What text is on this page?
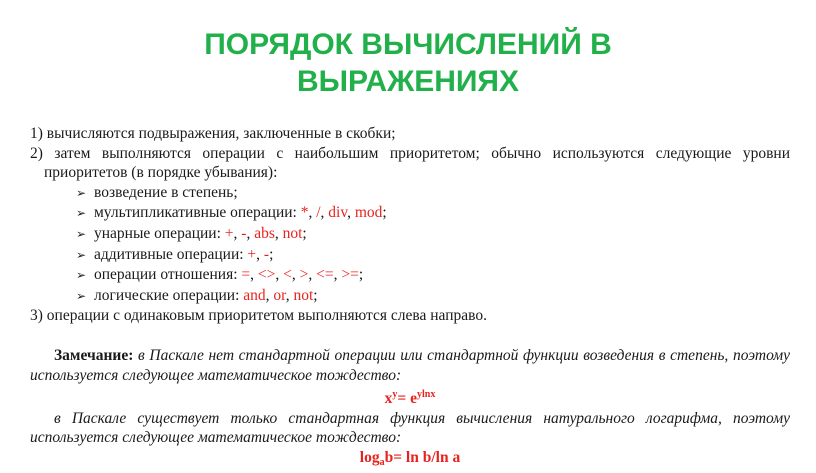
ПОРЯДОК ВЫЧИСЛЕНИЙ В
ВЫРАЖЕНИЯХ
1) вычисляются подвыражения, заключенные в скобки;
2) затем выполняются операции с наибольшим приоритетом; обычно используются следующие уровни
приоритетов (в порядке убывания):
➢ возведение в степень;
➢ мультипликативные операции: *, /, div, mod;
➢ унарные операции: +, -, abs, not;
➢ аддитивные операции: +, -;
➢ операции отношения: =, <>, <, >, <=, >=;
➢ логические операции: and, or, not;
3) операции с одинаковым приоритетом выполняются слева направо.
Замечание: в Паскале нет стандартной операции или стандартной функции возведения в степень, поэтому используется следующее математическое тождество:
$x^y= e^{ylnx}$
в Паскале существует только стандартная функция вычисления натурального логарифма, поэтому используется следующее математическое тождество:
$\log_ab= \ln b/\ln$ a
